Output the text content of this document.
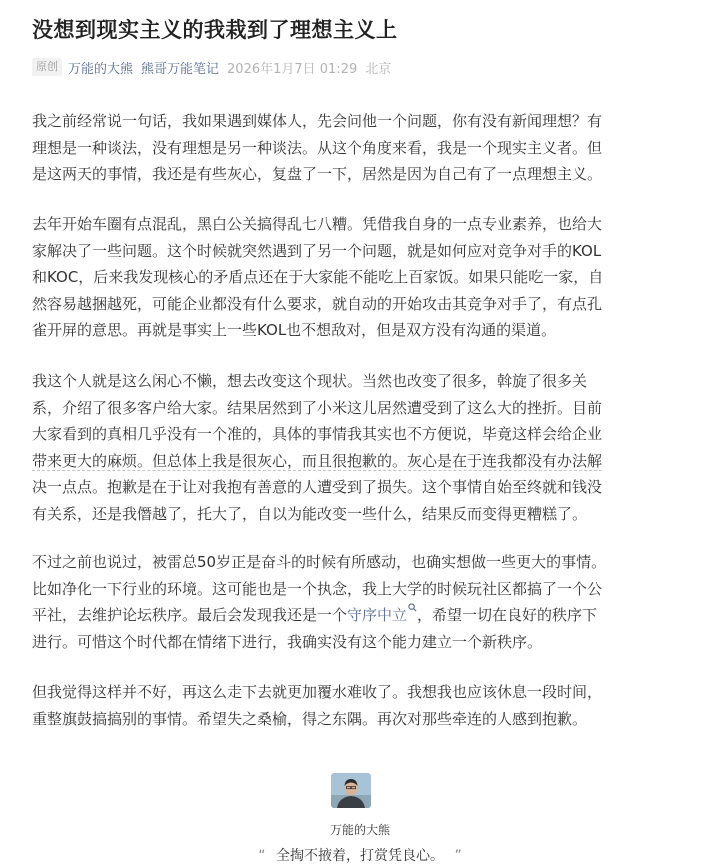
没想到现实主义的我栽到了理想主义上
原创 万能的大熊 熊哥万能笔记 2026年1月7日 01:29 北京
我之前经常说一句话，我如果遇到媒体人，先会问他一个问题，你有没有新闻理想？有
理想是一种谈法，没有理想是另一种谈法。从这个角度来看，我是一个现实主义者。但
是这两天的事情，我还是有些灰心，复盘了一下，居然是因为自己有了一点理想主义。
去年开始车圈有点混乱，黑白公关搞得乱七八糟。凭借我自身的一点专业素养，也给大
家解决了一些问题。这个时候就突然遇到了另一个问题，就是如何应对竞争对手的KOL
和KOC，后来我发现核心的矛盾点还在于大家能不能吃上百家饭。如果只能吃一家，自
然容易越捆越死，可能企业都没有什么要求，就自动的开始攻击其竞争对手了，有点孔
雀开屏的意思。再就是事实上一些KOL也不想敌对，但是双方没有沟通的渠道。
我这个人就是这么闲心不懒，想去改变这个现状。当然也改变了很多，斡旋了很多关
系，介绍了很多客户给大家。结果居然到了小米这儿居然遭受到了这么大的挫折。目前
大家看到的真相几乎没有一个准的，具体的事情我其实也不方便说，毕竟这样会给企业
带来更大的麻烦。但总体上我是很灰心，而且很抱歉的。灰心是在于连我都没有办法解
决一点点。抱歉是在于让对我抱有善意的人遭受到了损失。这个事情自始至终就和钱没
有关系，还是我僭越了，托大了，自以为能改变一些什么，结果反而变得更糟糕了。
不过之前也说过，被雷总50岁正是奋斗的时候有所感动，也确实想做一些更大的事情。
比如净化一下行业的环境。这可能也是一个执念，我上大学的时候玩社区都搞了一个公
平社，去维护论坛秩序。最后会发现我还是一个守序中立 ，希望一切在良好的秩序下
进行。可惜这个时代都在情绪下进行，我确实没有这个能力建立一个新秩序。
但我觉得这样并不好，再这么走下去就更加覆水难收了。我想我也应该休息一段时间，
重整旗鼓搞搞别的事情。希望失之桑榆，得之东隅。再次对那些牵连的人感到抱歉。
万能的大熊
“ 全掏不掖着，打赏凭良心。 ”
